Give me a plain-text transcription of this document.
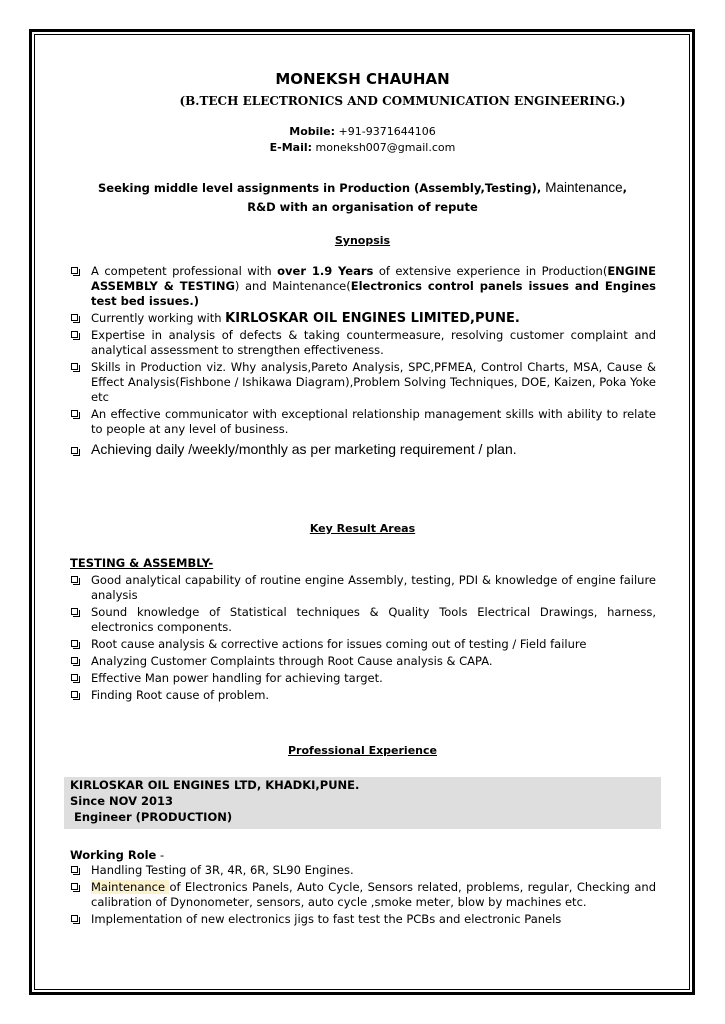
MONEKSH CHAUHAN
(B.TECH ELECTRONICS AND COMMUNICATION ENGINEERING.)
Mobile: +91-9371644106
E-Mail: moneksh007@gmail.com
Seeking middle level assignments in Production (Assembly,Testing), Maintenance,
R&D with an organisation of repute
Synopsis
A competent professional with over 1.9 Years of extensive experience in Production(ENGINE ASSEMBLY & TESTING) and Maintenance(Electronics control panels issues and Engines test bed issues.)
Currently working with KIRLOSKAR OIL ENGINES LIMITED,PUNE.
Expertise in analysis of defects & taking countermeasure, resolving customer complaint and analytical assessment to strengthen effectiveness.
Skills in Production viz. Why analysis,Pareto Analysis, SPC,PFMEA, Control Charts, MSA, Cause & Effect Analysis(Fishbone / Ishikawa Diagram),Problem Solving Techniques, DOE, Kaizen, Poka Yoke etc
An effective communicator with exceptional relationship management skills with ability to relate to people at any level of business.
Achieving daily /weekly/monthly as per marketing requirement / plan.
Key Result Areas
TESTING & ASSEMBLY-
Good analytical capability of routine engine Assembly, testing, PDI & knowledge of engine failure analysis
Sound knowledge of Statistical techniques & Quality Tools Electrical Drawings, harness, electronics components.
Root cause analysis & corrective actions for issues coming out of testing / Field failure
Analyzing Customer Complaints through Root Cause analysis & CAPA.
Effective Man power handling for achieving target.
Finding Root cause of problem.
Professional Experience
KIRLOSKAR OIL ENGINES LTD, KHADKI,PUNE.
Since NOV 2013
Engineer (PRODUCTION)
Working Role -
Handling Testing of 3R, 4R, 6R, SL90 Engines.
Maintenance of Electronics Panels, Auto Cycle, Sensors related, problems, regular, Checking and calibration of Dynonometer, sensors, auto cycle ,smoke meter, blow by machines etc.
Implementation of new electronics jigs to fast test the PCBs and electronic Panels
